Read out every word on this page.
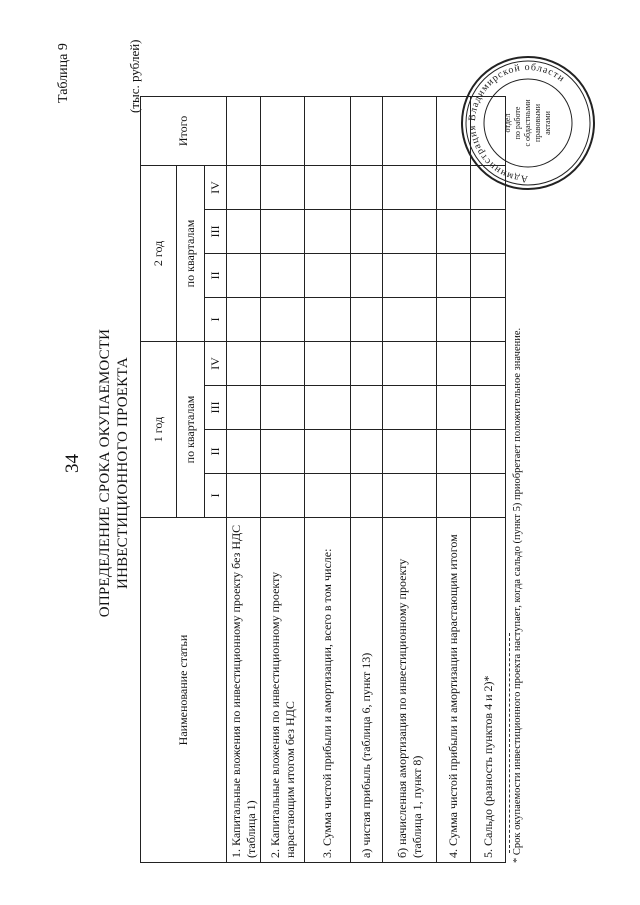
34
Таблица 9
ОПРЕДЕЛЕНИЕ СРОКА ОКУПАЕМОСТИ ИНВЕСТИЦИОННОГО ПРОЕКТА
(тыс. рублей)
Наименование статьи	1 год				2 год				Итого
	по кварталам				по кварталам				
	I	II	III	IV	I	II	III	IV	
1. Капитальные вложения по инвестиционному проекту без НДС (таблица 1)									
2. Капитальные вложения по инвестиционному проекту нарастающим итогом без НДС									
3. Сумма чистой прибыли и амортизации, всего в том числе:									
а) чистая прибыль (таблица 6, пункт 13)									
б) начисленная амортизация по инвестиционному проекту (таблица 1, пункт 8)									
4. Сумма чистой прибыли и амортизации нарастающим итогом									
5. Сальдо (разность пунктов 4 и 2)*									* Срок окупаемости инвестиционного проекта наступает, когда сальдо (пункт 5) приобретает положительное значение.
Администрация Владимирской области
отдел по работе с обдастными правовыми актами
